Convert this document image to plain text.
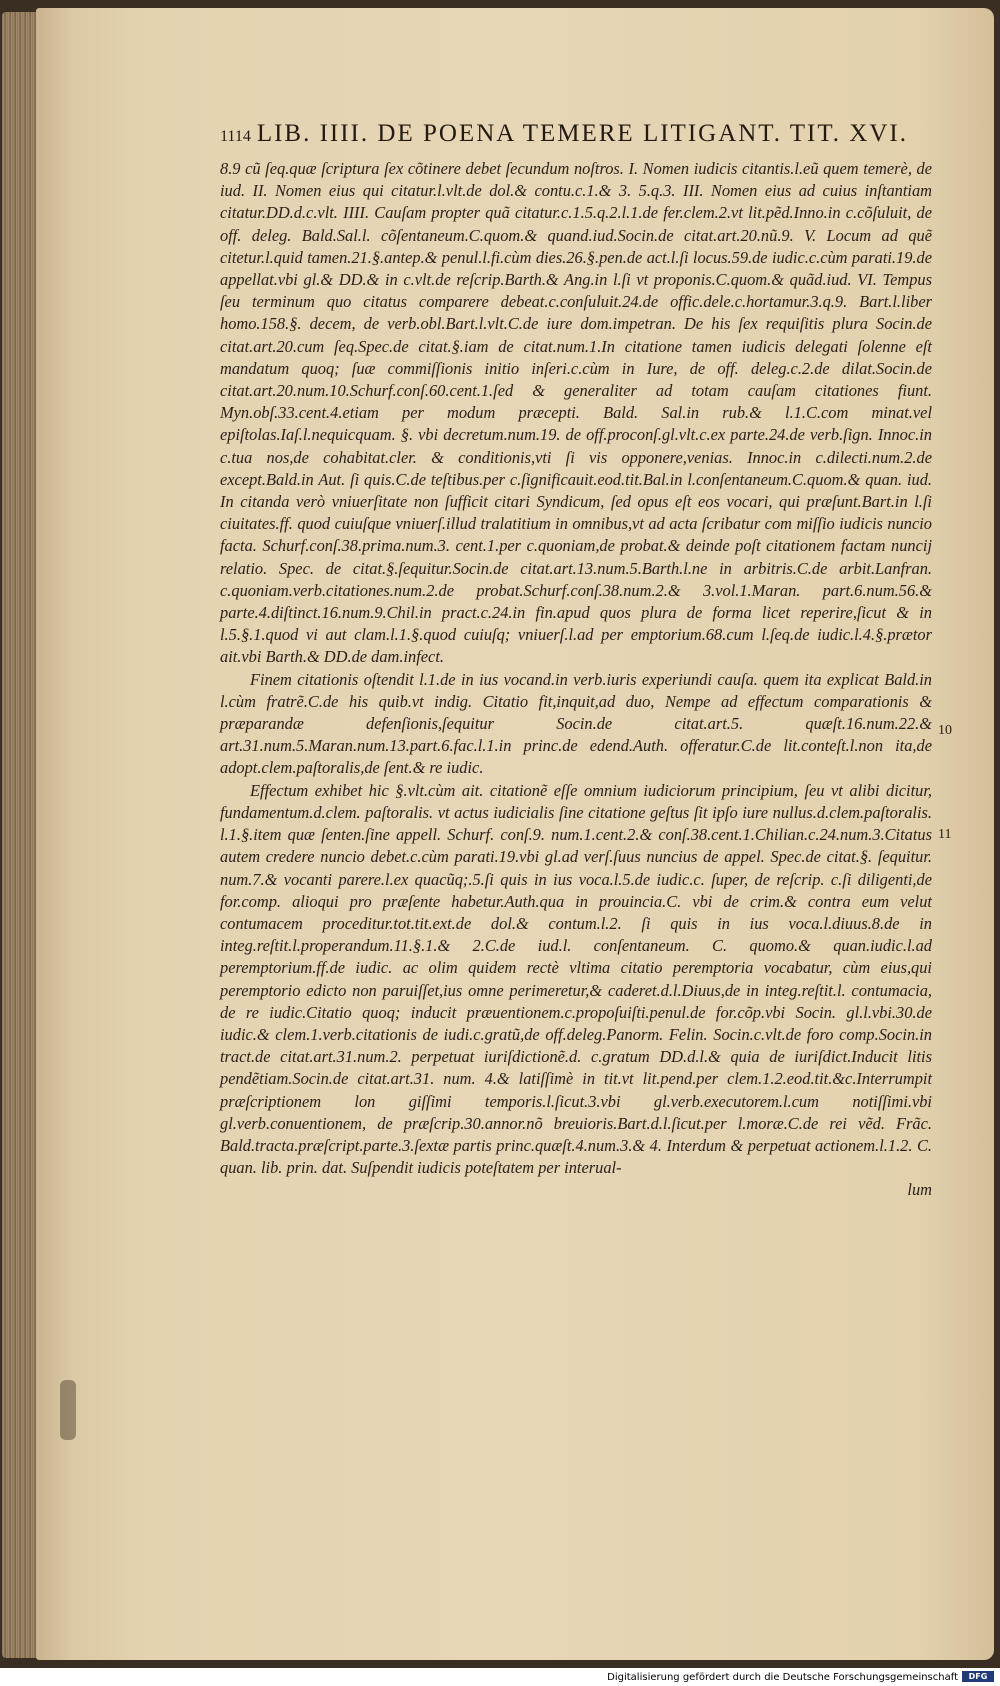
1114 LIB. IIII. DE POENA TEMERE LITIGANT. TIT. XVI.

8.9 cũ ſeq.quæ ſcriptura ſex cõtinere debet ſecundum noſtros. I. Nomen iudicis citantis.l.eũ quem temerè, de iud. II. Nomen eius qui citatur.l.vlt.de dol.& contu.c.1.& 3. 5.q.3. III. Nomen eius ad cuius inſtantiam citatur.DD.d.c.vlt. IIII. Cauſam propter quã citatur.c.1.5.q.2.l.1.de fer.clem.2.vt lit.pẽd.Inno.in c.cõſuluit, de off. deleg. Bald.Sal.l. cõſentaneum.C.quom.& quand.iud.Socin.de citat.art.20.nũ.9. V. Locum ad quẽ citetur.l.quid tamen.21.§.antep.& penul.l.fi.cùm dies.26.§.pen.de act.l.ſi locus.59.de iudic.c.cùm parati.19.de appellat.vbi gl.& DD.& in c.vlt.de reſcrip.Barth.& Ang.in l.ſi vt proponis.C.quom.& quãd.iud. VI. Tempus ſeu terminum quo citatus comparere debeat.c.conſuluit.24.de offic.dele.c.hortamur.3.q.9. Bart.l.liber homo.158.§. decem, de verb.obl.Bart.l.vlt.C.de iure dom.impetran. De his ſex requiſitis plura Socin.de citat.art.20.cum ſeq.Spec.de citat.§.iam de citat.num.1.In citatione tamen iudicis delegati ſolenne eſt mandatum quoq; ſuæ commiſſionis initio inſeri.c.cùm in Iure, de off. deleg.c.2.de dilat.Socin.de citat.art.20.num.10.Schurf.conſ.60.cent.1.ſed & generaliter ad totam cauſam citationes fiunt. Myn.obſ.33.cent.4.etiam per modum præcepti. Bald. Sal.in rub.& l.1.C.com minat.vel epiſtolas.Iaſ.l.nequicquam. §. vbi decretum.num.19. de off.proconſ.gl.vlt.c.ex parte.24.de verb.ſign. Innoc.in c.tua nos,de cohabitat.cler. & conditionis,vti ſi vis opponere,venias. Innoc.in c.dilecti.num.2.de except.Bald.in Aut. ſi quis.C.de teſtibus.per c.ſignificauit.eod.tit.Bal.in l.conſentaneum.C.quom.& quan. iud. In citanda verò vniuerſitate non ſufficit citari Syndicum, ſed opus eſt eos vocari, qui præſunt.Bart.in l.ſi ciuitates.ff. quod cuiuſque vniuerſ.illud tralatitium in omnibus,vt ad acta ſcribatur com miſſio iudicis nuncio facta. Schurf.conſ.38.prima.num.3. cent.1.per c.quoniam,de probat.& deinde poſt citationem factam nuncij relatio. Spec. de citat.§.ſequitur.Socin.de citat.art.13.num.5.Barth.l.ne in arbitris.C.de arbit.Lanfran. c.quoniam.verb.citationes.num.2.de probat.Schurf.conſ.38.num.2.& 3.vol.1.Maran. part.6.num.56.& parte.4.diſtinct.16.num.9.Chil.in pract.c.24.in fin.apud quos plura de forma licet reperire,ſicut & in l.5.§.1.quod vi aut clam.l.1.§.quod cuiuſq; vniuerſ.l.ad per emptorium.68.cum l.ſeq.de iudic.l.4.§.prætor ait.vbi Barth.& DD.de dam.infect.

Finem citationis oſtendit l.1.de in ius vocand.in verb.iuris experiundi cauſa. quem ita explicat Bald.in l.cùm fratrẽ.C.de his quib.vt indig. Citatio fit,inquit,ad duo, Nempe ad effectum comparationis & præparandæ defenſionis,ſequitur Socin.de citat.art.5. quæſt.16.num.22.& art.31.num.5.Maran.num.13.part.6.fac.l.1.in princ.de edend.Auth. offeratur.C.de lit.conteſt.l.non ita,de adopt.clem.paſtoralis,de ſent.& re iudic.

Effectum exhibet hic §.vlt.cùm ait. citationẽ eſſe omnium iudiciorum principium, ſeu vt alibi dicitur, fundamentum.d.clem. paſtoralis. vt actus iudicialis ſine citatione geſtus ſit ipſo iure nullus.d.clem.paſtoralis. l.1.§.item quæ ſenten.ſine appell. Schurf. conſ.9. num.1.cent.2.& conſ.38.cent.1.Chilian.c.24.num.3.Citatus autem credere nuncio debet.c.cùm parati.19.vbi gl.ad verſ.ſuus nuncius de appel. Spec.de citat.§. ſequitur. num.7.& vocanti parere.l.ex quacũq;.5.ſi quis in ius voca.l.5.de iudic.c. ſuper, de reſcrip. c.ſi diligenti,de for.comp. alioqui pro præſente habetur.Auth.qua in prouincia.C. vbi de crim.& contra eum velut contumacem proceditur.tot.tit.ext.de dol.& contum.l.2. ſi quis in ius voca.l.diuus.8.de in integ.reſtit.l.properandum.11.§.1.& 2.C.de iud.l. conſentaneum. C. quomo.& quan.iudic.l.ad peremptorium.ff.de iudic. ac olim quidem rectè vltima citatio peremptoria vocabatur, cùm eius,qui peremptorio edicto non paruiſſet,ius omne perimeretur,& caderet.d.l.Diuus,de in integ.reſtit.l. contumacia, de re iudic.Citatio quoq; inducit præuentionem.c.propoſuiſti.penul.de for.cõp.vbi Socin. gl.l.vbi.30.de iudic.& clem.1.verb.citationis de iudi.c.gratũ,de off.deleg.Panorm. Felin. Socin.c.vlt.de foro comp.Socin.in tract.de citat.art.31.num.2. perpetuat iuriſdictionẽ.d. c.gratum DD.d.l.& quia de iuriſdict.Inducit litis pendẽtiam.Socin.de citat.art.31. num. 4.& latiſſimè in tit.vt lit.pend.per clem.1.2.eod.tit.&c.Interrumpit præſcriptionem lon giſſimi temporis.l.ſicut.3.vbi gl.verb.executorem.l.cum notiſſimi.vbi gl.verb.conuentionem, de præſcrip.30.annor.nõ breuioris.Bart.d.l.ſicut.per l.moræ.C.de rei vẽd. Frãc. Bald.tracta.præſcript.parte.3.ſextæ partis princ.quæſt.4.num.3.& 4. Interdum & perpetuat actionem.l.1.2. C. quan. lib. prin. dat. Suſpendit iudicis poteſtatem per interual-

lum

10
11
Digitalisierung gefördert durch die Deutsche Forschungsgemeinschaft	DFG
